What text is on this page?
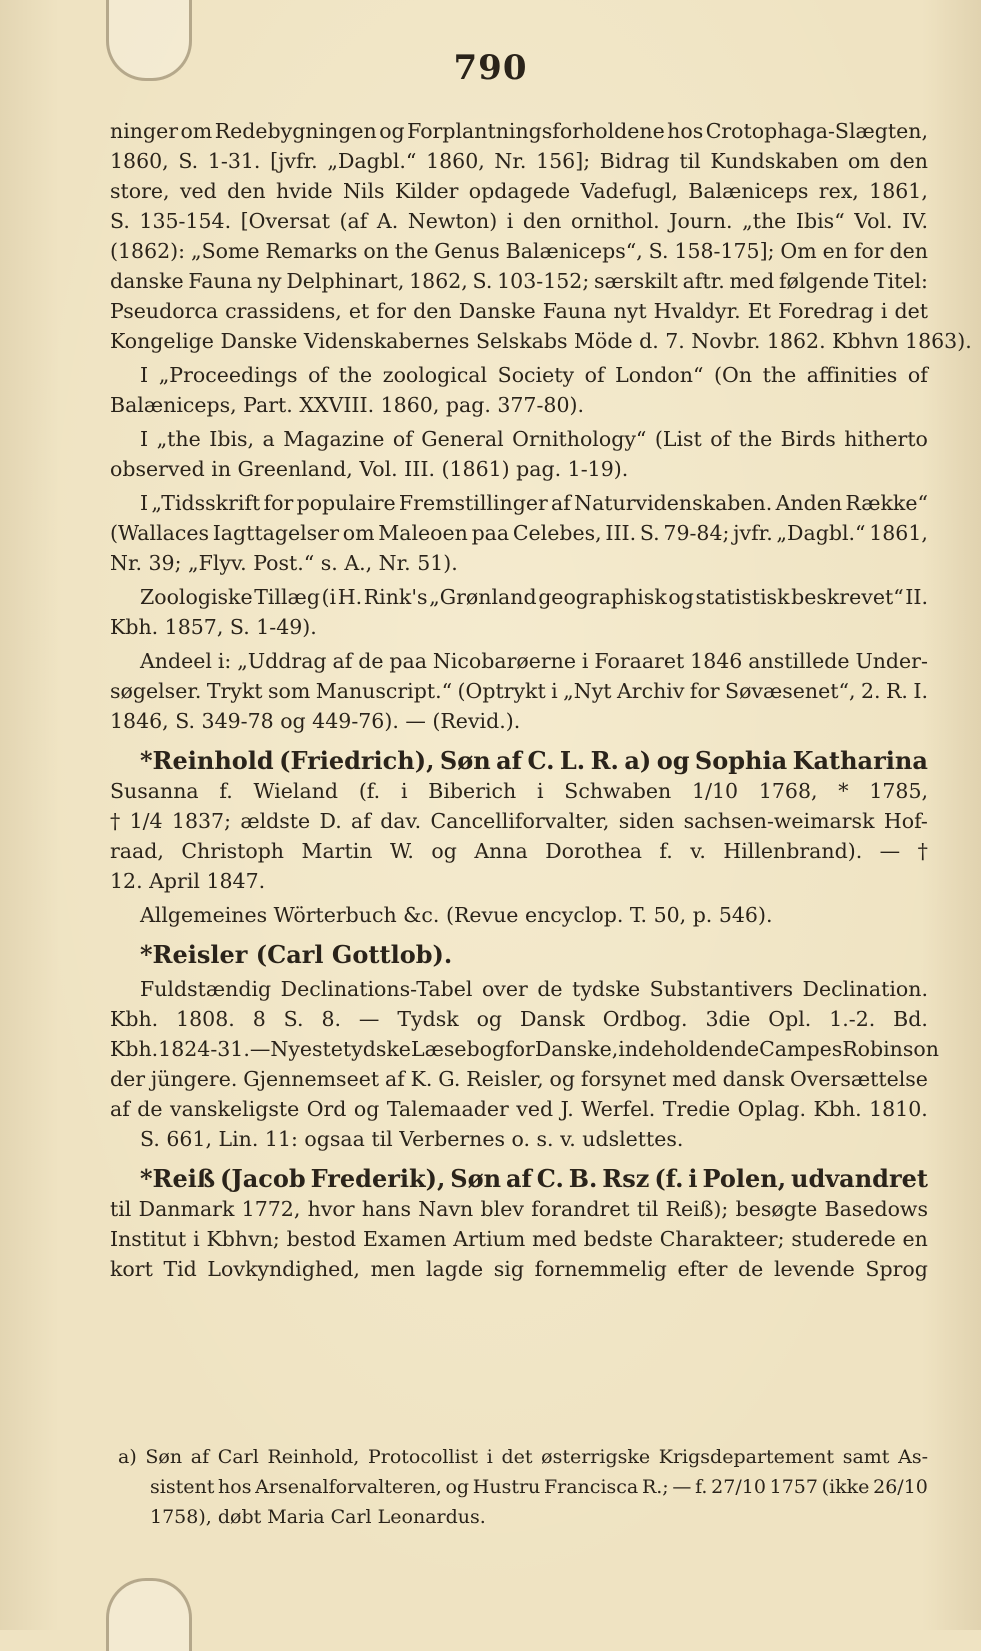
790
ninger om Redebygningen og Forplantningsforholdene hos Crotophaga-Slægten,
1860, S. 1-31. [jvfr. „Dagbl.“ 1860, Nr. 156]; Bidrag til Kundskaben om den
store, ved den hvide Nils Kilder opdagede Vadefugl, Balæniceps rex, 1861,
S. 135-154. [Oversat (af A. Newton) i den ornithol. Journ. „the Ibis“ Vol. IV.
(1862): „Some Remarks on the Genus Balæniceps“, S. 158-175]; Om en for den
danske Fauna ny Delphinart, 1862, S. 103-152; særskilt aftr. med følgende Titel:
Pseudorca crassidens, et for den Danske Fauna nyt Hvaldyr. Et Foredrag i det
Kongelige Danske Videnskabernes Selskabs Möde d. 7. Novbr. 1862. Kbhvn 1863).
I „Proceedings of the zoological Society of London“ (On the affinities of
Balæniceps, Part. XXVIII. 1860, pag. 377-80).
I „the Ibis, a Magazine of General Ornithology“ (List of the Birds hitherto
observed in Greenland, Vol. III. (1861) pag. 1-19).
I „Tidsskrift for populaire Fremstillinger af Naturvidenskaben. Anden Række“
(Wallaces Iagttagelser om Maleoen paa Celebes, III. S. 79-84; jvfr. „Dagbl.“ 1861,
Nr. 39; „Flyv. Post.“ s. A., Nr. 51).
Zoologiske Tillæg (i H. Rink's „Grønland geographisk og statistisk beskrevet“ II.
Kbh. 1857, S. 1-49).
Andeel i: „Uddrag af de paa Nicobarøerne i Foraaret 1846 anstillede Under-
søgelser. Trykt som Manuscript.“ (Optrykt i „Nyt Archiv for Søvæsenet“, 2. R. I.
1846, S. 349-78 og 449-76). — (Revid.).
*Reinhold (Friedrich), Søn af C. L. R. a) og Sophia Katharina
Susanna f. Wieland (f. i Biberich i Schwaben 1/10 1768, * 1785,
† 1/4 1837; ældste D. af dav. Cancelliforvalter, siden sachsen-weimarsk Hof-
raad, Christoph Martin W. og Anna Dorothea f. v. Hillenbrand). — †
12. April 1847.
Allgemeines Wörterbuch &c. (Revue encyclop. T. 50, p. 546).
*Reisler (Carl Gottlob).
Fuldstændig Declinations-Tabel over de tydske Substantivers Declination.
Kbh. 1808. 8 S. 8. — Tydsk og Dansk Ordbog. 3die Opl. 1.-2. Bd.
Kbh. 1824-31. — Nyeste tydske Læsebog for Danske, indeholdende Campes Robinson
der jüngere. Gjennemseet af K. G. Reisler, og forsynet med dansk Oversættelse
af de vanskeligste Ord og Talemaader ved J. Werfel. Tredie Oplag. Kbh. 1810.
S. 661, Lin. 11: ogsaa til Verbernes o. s. v. udslettes.
*Reiß (Jacob Frederik), Søn af C. B. Rsz (f. i Polen, udvandret
til Danmark 1772, hvor hans Navn blev forandret til Reiß); besøgte Basedows
Institut i Kbhvn; bestod Examen Artium med bedste Charakteer; studerede en
kort Tid Lovkyndighed, men lagde sig fornemmelig efter de levende Sprog
a) Søn af Carl Reinhold, Protocollist i det østerrigske Krigsdepartement samt As-
sistent hos Arsenalforvalteren, og Hustru Francisca R.; — f. 27/10 1757 (ikke 26/10
1758), døbt Maria Carl Leonardus.
